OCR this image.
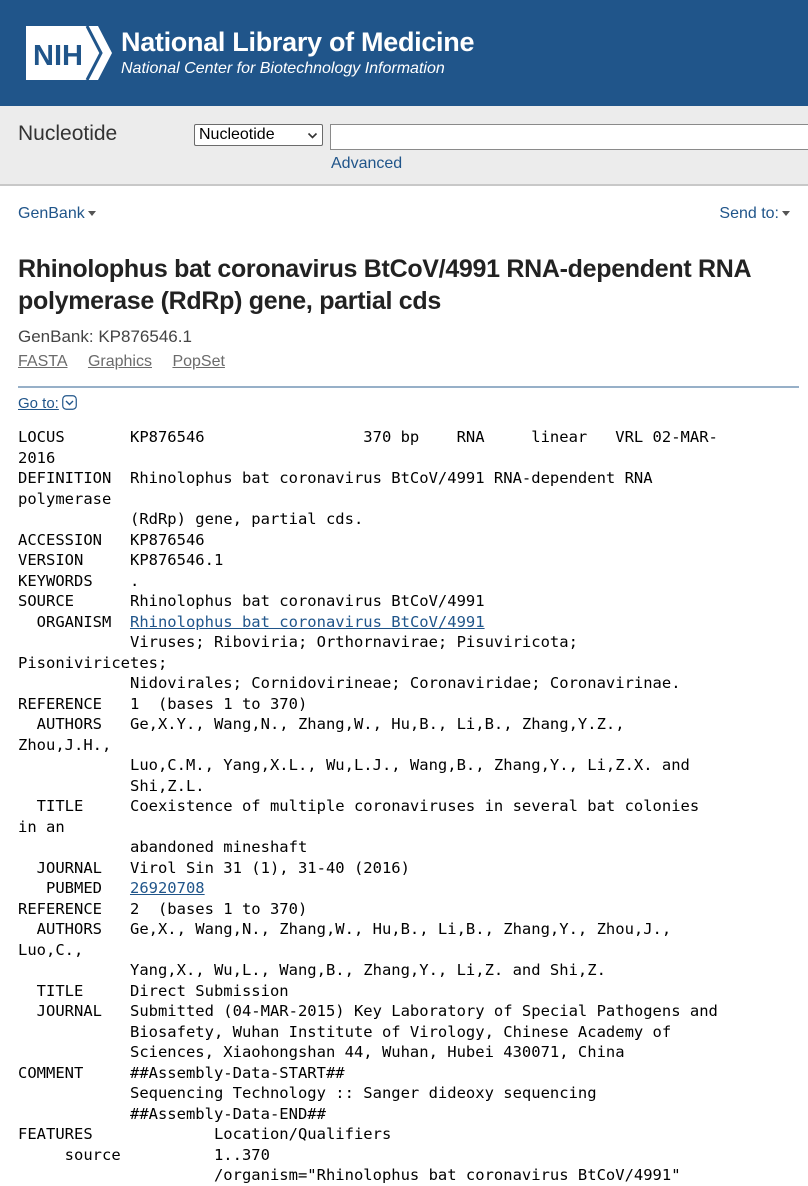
NIH National Library of Medicine
National Center for Biotechnology Information
Nucleotide	Nucleotide
Advanced
GenBank	Send to:
Rhinolophus bat coronavirus BtCoV/4991 RNA-dependent RNA polymerase (RdRp) gene, partial cds
GenBank: KP876546.1
FASTA Graphics PopSet
Go to:
LOCUS       KP876546                 370 bp    RNA     linear   VRL 02-MAR-
2016
DEFINITION  Rhinolophus bat coronavirus BtCoV/4991 RNA-dependent RNA
polymerase
(RdRp) gene, partial cds.
ACCESSION   KP876546
VERSION     KP876546.1
KEYWORDS    .
SOURCE      Rhinolophus bat coronavirus BtCoV/4991
ORGANISM  Rhinolophus bat coronavirus BtCoV/4991
Viruses; Riboviria; Orthornavirae; Pisuviricota;
Pisoniviricetes;
Nidovirales; Cornidovirineae; Coronaviridae; Coronavirinae.
REFERENCE   1  (bases 1 to 370)
AUTHORS   Ge,X.Y., Wang,N., Zhang,W., Hu,B., Li,B., Zhang,Y.Z.,
Zhou,J.H.,
Luo,C.M., Yang,X.L., Wu,L.J., Wang,B., Zhang,Y., Li,Z.X. and
Shi,Z.L.
TITLE     Coexistence of multiple coronaviruses in several bat colonies
in an
abandoned mineshaft
JOURNAL   Virol Sin 31 (1), 31-40 (2016)
PUBMED   26920708
REFERENCE   2  (bases 1 to 370)
AUTHORS   Ge,X., Wang,N., Zhang,W., Hu,B., Li,B., Zhang,Y., Zhou,J.,
Luo,C.,
Yang,X., Wu,L., Wang,B., Zhang,Y., Li,Z. and Shi,Z.
TITLE     Direct Submission
JOURNAL   Submitted (04-MAR-2015) Key Laboratory of Special Pathogens and
Biosafety, Wuhan Institute of Virology, Chinese Academy of
Sciences, Xiaohongshan 44, Wuhan, Hubei 430071, China
COMMENT     ##Assembly-Data-START##
Sequencing Technology :: Sanger dideoxy sequencing
##Assembly-Data-END##
FEATURES             Location/Qualifiers
source          1..370
/organism="Rhinolophus bat coronavirus BtCoV/4991"
